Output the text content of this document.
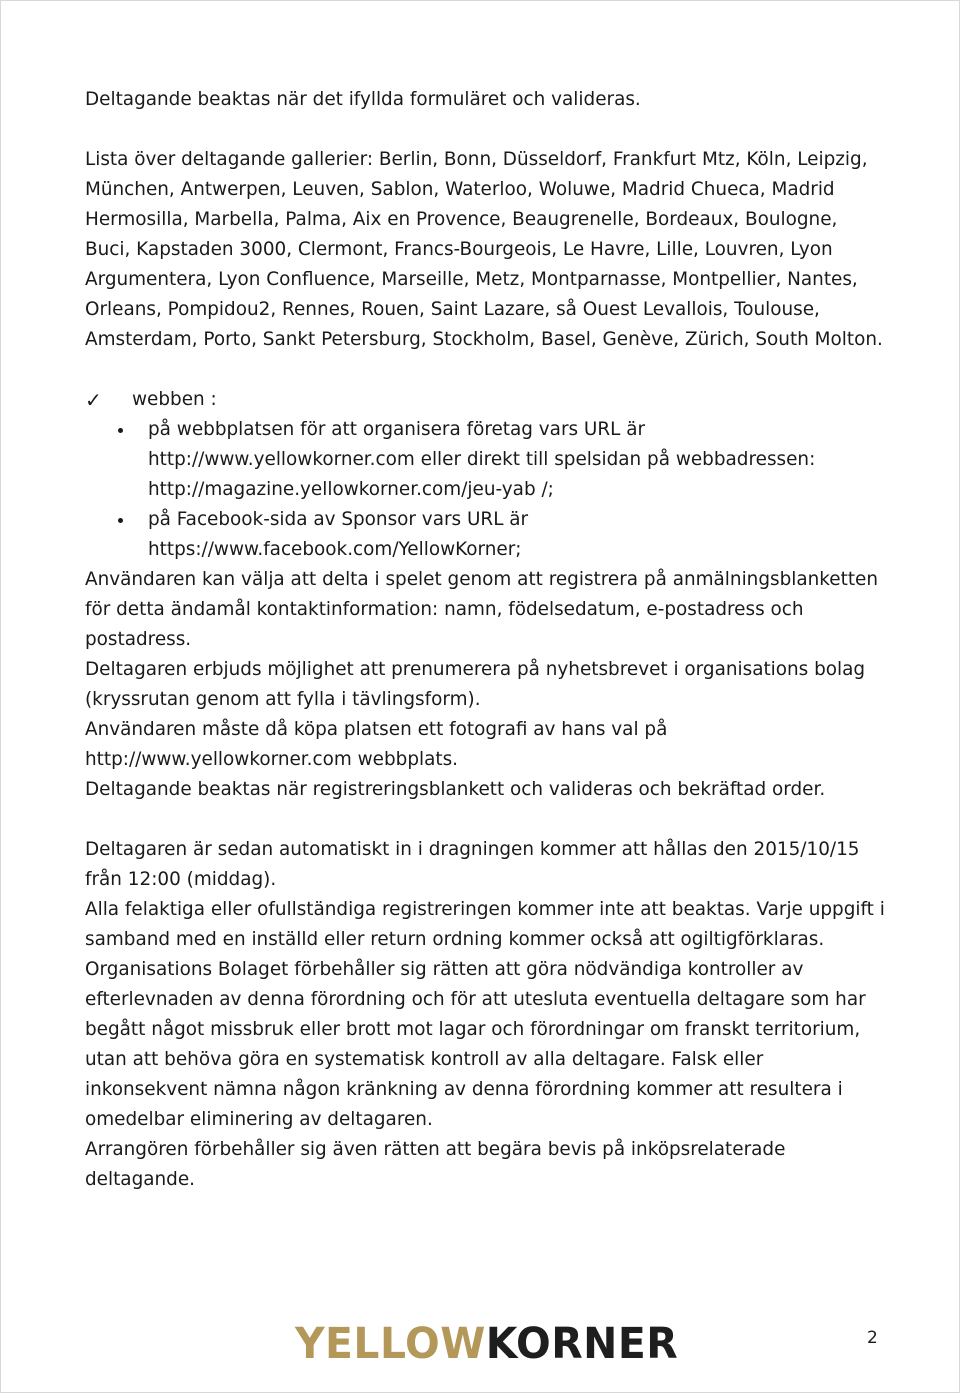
Deltagande beaktas när det ifyllda formuläret och valideras.

Lista över deltagande gallerier: Berlin, Bonn, Düsseldorf, Frankfurt Mtz, Köln, Leipzig, München, Antwerpen, Leuven, Sablon, Waterloo, Woluwe, Madrid Chueca, Madrid Hermosilla, Marbella, Palma, Aix en Provence, Beaugrenelle, Bordeaux, Boulogne, Buci, Kapstaden 3000, Clermont, Francs-Bourgeois, Le Havre, Lille, Louvren, Lyon Argumentera, Lyon Confluence, Marseille, Metz, Montparnasse, Montpellier, Nantes, Orleans, Pompidou2, Rennes, Rouen, Saint Lazare, så Ouest Levallois, Toulouse, Amsterdam, Porto, Sankt Petersburg, Stockholm, Basel, Genève, Zürich, South Molton.

✓ webben :
på webbplatsen för att organisera företag vars URL är http://www.yellowkorner.com eller direkt till spelsidan på webbadressen: http://magazine.yellowkorner.com/jeu-yab /;
på Facebook-sida av Sponsor vars URL är https://www.facebook.com/YellowKorner;

Användaren kan välja att delta i spelet genom att registrera på anmälningsblanketten för detta ändamål kontaktinformation: namn, födelsedatum, e-postadress och postadress.

Deltagaren erbjuds möjlighet att prenumerera på nyhetsbrevet i organisations bolag (kryssrutan genom att fylla i tävlingsform).

Användaren måste då köpa platsen ett fotografi av hans val på http://www.yellowkorner.com webbplats.

Deltagande beaktas när registreringsblankett och valideras och bekräftad order.

Deltagaren är sedan automatiskt in i dragningen kommer att hållas den 2015/10/15 från 12:00 (middag).

Alla felaktiga eller ofullständiga registreringen kommer inte att beaktas. Varje uppgift i samband med en inställd eller return ordning kommer också att ogiltigförklaras.

Organisations Bolaget förbehåller sig rätten att göra nödvändiga kontroller av efterlevnaden av denna förordning och för att utesluta eventuella deltagare som har begått något missbruk eller brott mot lagar och förordningar om franskt territorium, utan att behöva göra en systematisk kontroll av alla deltagare. Falsk eller inkonsekvent nämna någon kränkning av denna förordning kommer att resultera i omedelbar eliminering av deltagaren.

Arrangören förbehåller sig även rätten att begära bevis på inköpsrelaterade deltagande.

YELLOWKORNER	2
